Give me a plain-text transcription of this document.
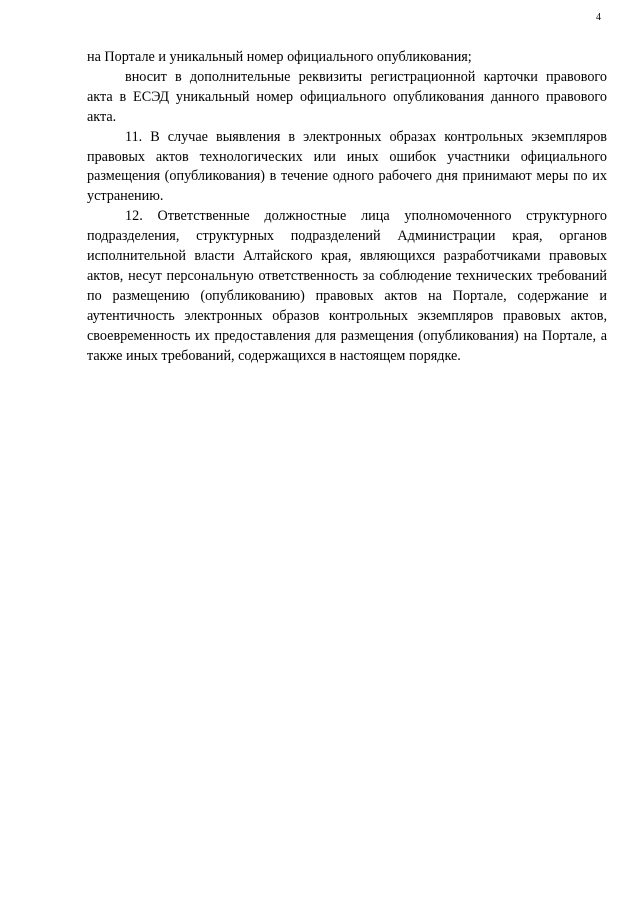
4

на Портале и уникальный номер официального опубликования;

вносит в дополнительные реквизиты регистрационной карточки правового акта в ЕСЭД уникальный номер официального опубликования данного правового акта.

11. В случае выявления в электронных образах контрольных экземпляров правовых актов технологических или иных ошибок участники официального размещения (опубликования) в течение одного рабочего дня принимают меры по их устранению.

12. Ответственные должностные лица уполномоченного структурного подразделения, структурных подразделений Администрации края, органов исполнительной власти Алтайского края, являющихся разработчиками правовых актов, несут персональную ответственность за соблюдение технических требований по размещению (опубликованию) правовых актов на Портале, содержание и аутентичность электронных образов контрольных экземпляров правовых актов, своевременность их предоставления для размещения (опубликования) на Портале, а также иных требований, содержащихся в настоящем порядке.
